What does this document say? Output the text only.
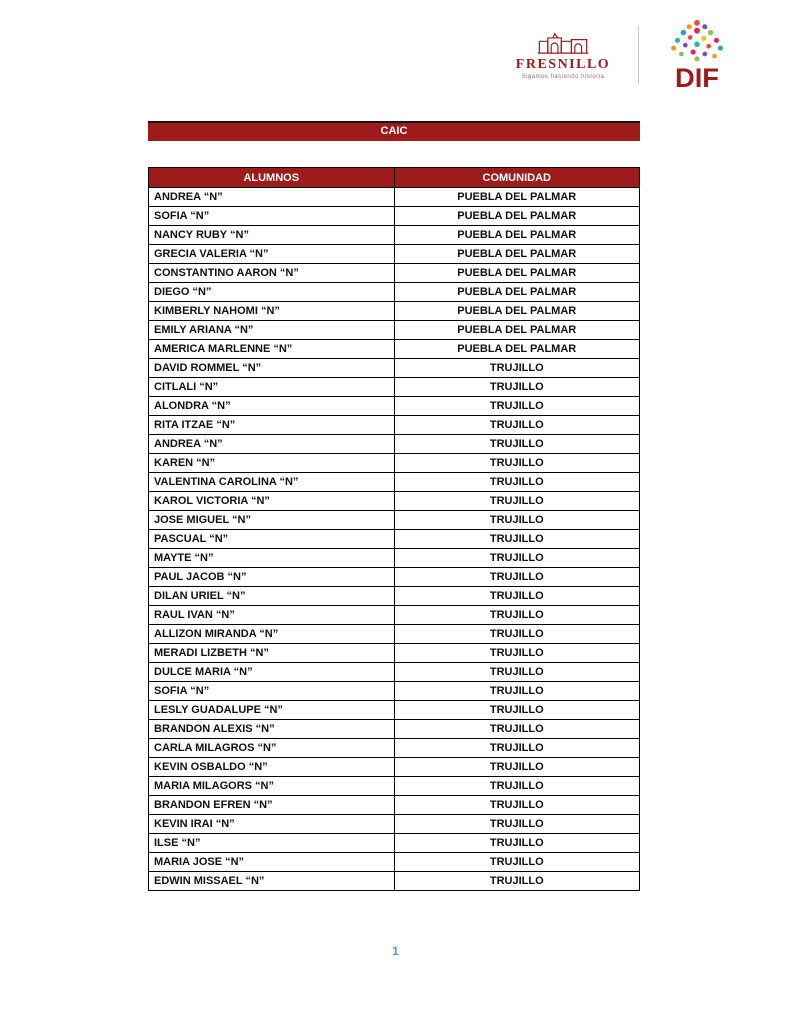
FRESNILLO
Sigamos haciendo historia	DIF
CAIC
ALUMNOS	COMUNIDAD
ANDREA “N”	PUEBLA DEL PALMAR
SOFIA “N”	PUEBLA DEL PALMAR
NANCY RUBY “N”	PUEBLA DEL PALMAR
GRECIA VALERIA “N”	PUEBLA DEL PALMAR
CONSTANTINO AARON “N”	PUEBLA DEL PALMAR
DIEGO “N”	PUEBLA DEL PALMAR
KIMBERLY NAHOMI “N”	PUEBLA DEL PALMAR
EMILY ARIANA “N”	PUEBLA DEL PALMAR
AMERICA MARLENNE “N”	PUEBLA DEL PALMAR
DAVID ROMMEL “N”	TRUJILLO
CITLALI “N”	TRUJILLO
ALONDRA “N”	TRUJILLO
RITA ITZAE “N”	TRUJILLO
ANDREA “N”	TRUJILLO
KAREN “N”	TRUJILLO
VALENTINA CAROLINA “N”	TRUJILLO
KAROL VICTORIA “N”	TRUJILLO
JOSE MIGUEL “N”	TRUJILLO
PASCUAL “N”	TRUJILLO
MAYTE “N”	TRUJILLO
PAUL JACOB “N”	TRUJILLO
DILAN URIEL “N”	TRUJILLO
RAUL IVAN “N”	TRUJILLO
ALLIZON MIRANDA “N”	TRUJILLO
MERADI LIZBETH “N”	TRUJILLO
DULCE MARIA “N”	TRUJILLO
SOFIA “N”	TRUJILLO
LESLY GUADALUPE “N”	TRUJILLO
BRANDON ALEXIS “N”	TRUJILLO
CARLA MILAGROS “N”	TRUJILLO
KEVIN OSBALDO “N”	TRUJILLO
MARIA MILAGORS “N”	TRUJILLO
BRANDON EFREN “N”	TRUJILLO
KEVIN IRAI “N”	TRUJILLO
ILSE “N”	TRUJILLO
MARIA JOSE “N”	TRUJILLO
EDWIN MISSAEL “N”	TRUJILLO
1
